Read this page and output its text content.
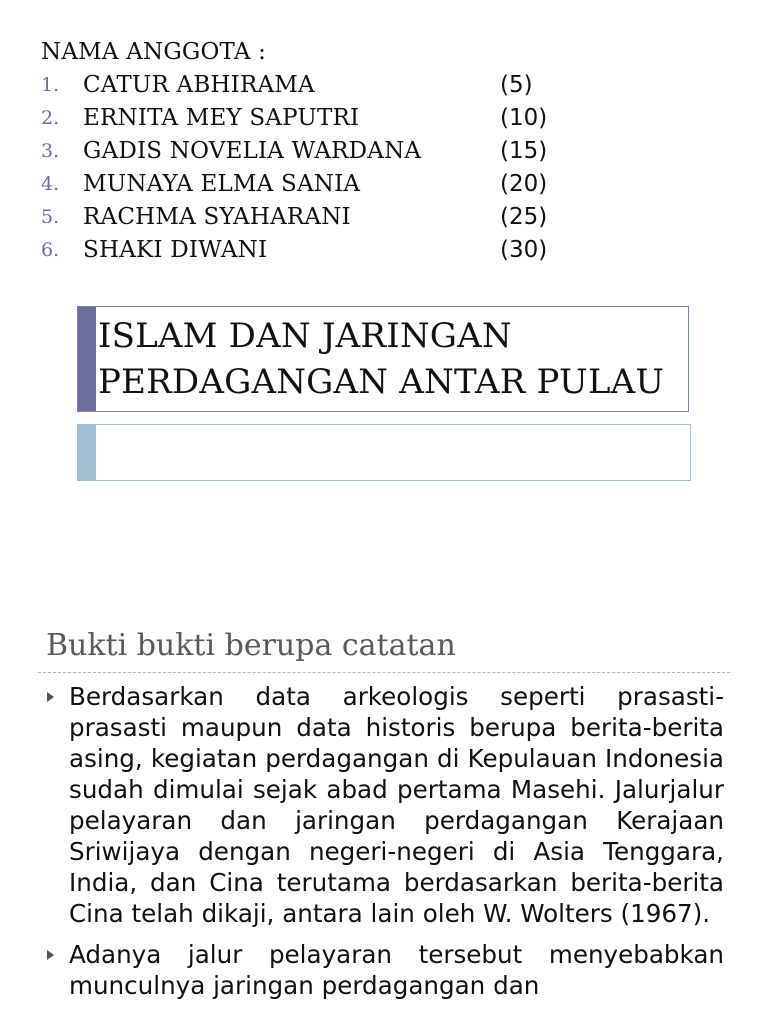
NAMA ANGGOTA :
1. CATUR ABHIRAMA	(5)
2. ERNITA MEY SAPUTRI	(10)
3. GADIS NOVELIA WARDANA	(15)
4. MUNAYA ELMA SANIA	(20)
5. RACHMA SYAHARANI	(25)
6. SHAKI DIWANI	(30)
ISLAM DAN JARINGAN
PERDAGANGAN ANTAR PULAU
Bukti bukti berupa catatan
Berdasarkan data arkeologis seperti prasasti-prasasti maupun data historis berupa berita-berita asing, kegiatan perdagangan di Kepulauan Indonesia sudah dimulai sejak abad pertama Masehi. Jalurjalur pelayaran dan jaringan perdagangan Kerajaan Sriwijaya dengan negeri-negeri di Asia Tenggara, India, dan Cina terutama berdasarkan berita-berita Cina telah dikaji, antara lain oleh W. Wolters (1967).
Adanya jalur pelayaran tersebut menyebabkan munculnya jaringan perdagangan dan
